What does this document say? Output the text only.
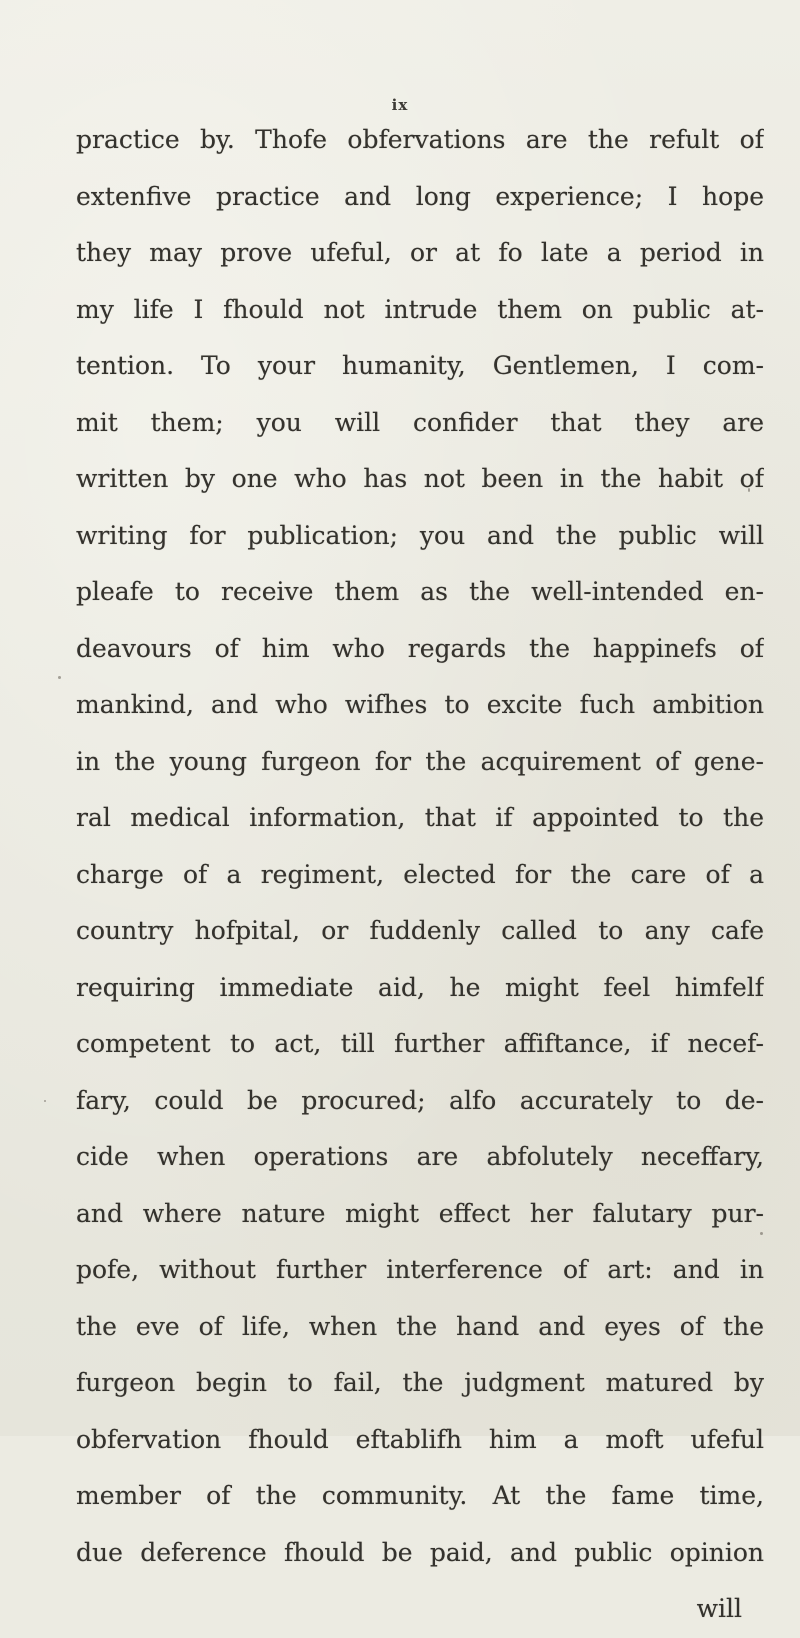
ix
practice by. Thofe obfervations are the refult of
extenfive practice and long experience; I hope
they may prove ufeful, or at fo late a period in
my life I fhould not intrude them on public at-
tention. To your humanity, Gentlemen, I com-
mit them; you will confider that they are
written by one who has not been in the habit of
writing for publication; you and the public will
pleafe to receive them as the well-intended en-
deavours of him who regards the happinefs of
mankind, and who wifhes to excite fuch ambition
in the young furgeon for the acquirement of gene-
ral medical information, that if appointed to the
charge of a regiment, elected for the care of a
country hofpital, or fuddenly called to any cafe
requiring immediate aid, he might feel himfelf
competent to act, till further affiftance, if necef-
fary, could be procured; alfo accurately to de-
cide when operations are abfolutely neceffary,
and where nature might effect her falutary pur-
pofe, without further interference of art: and in
the eve of life, when the hand and eyes of the
furgeon begin to fail, the judgment matured by
obfervation fhould eftablifh him a moft ufeful
member of the community. At the fame time,
due deference fhould be paid, and public opinion
will
